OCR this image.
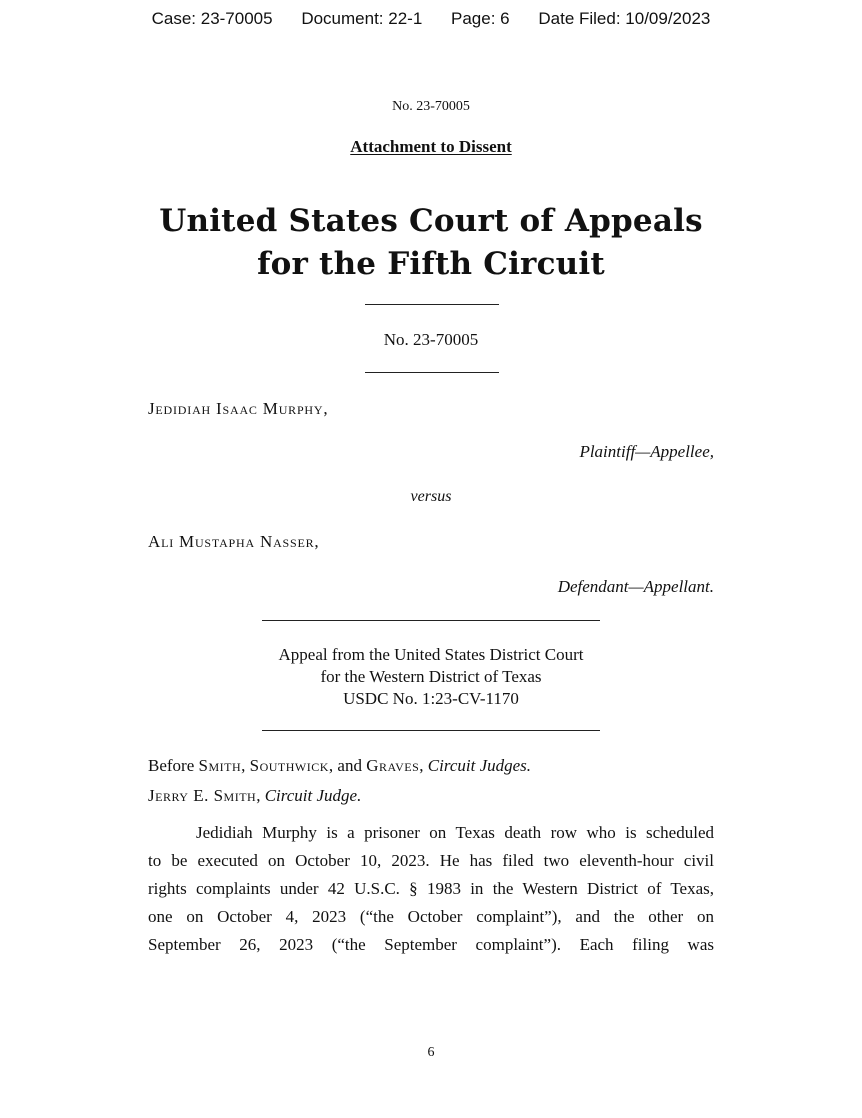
Case: 23-70005 Document: 22-1 Page: 6 Date Filed: 10/09/2023
No. 23-70005
Attachment to Dissent
United States Court of Appeals
for the Fifth Circuit
No. 23-70005
Jedidiah Isaac Murphy,
Plaintiff—Appellee,
versus
Ali Mustapha Nasser,
Defendant—Appellant.
Appeal from the United States District Court
for the Western District of Texas
USDC No. 1:23-CV-1170
Before Smith, Southwick, and Graves, Circuit Judges.
Jerry E. Smith, Circuit Judge.
Jedidiah Murphy is a prisoner on Texas death row who is scheduled
to be executed on October 10, 2023. He has filed two eleventh-hour civil
rights complaints under 42 U.S.C. § 1983 in the Western District of Texas,
one on October 4, 2023 (“the October complaint”), and the other on
September 26, 2023 (“the September complaint”). Each filing was
6
